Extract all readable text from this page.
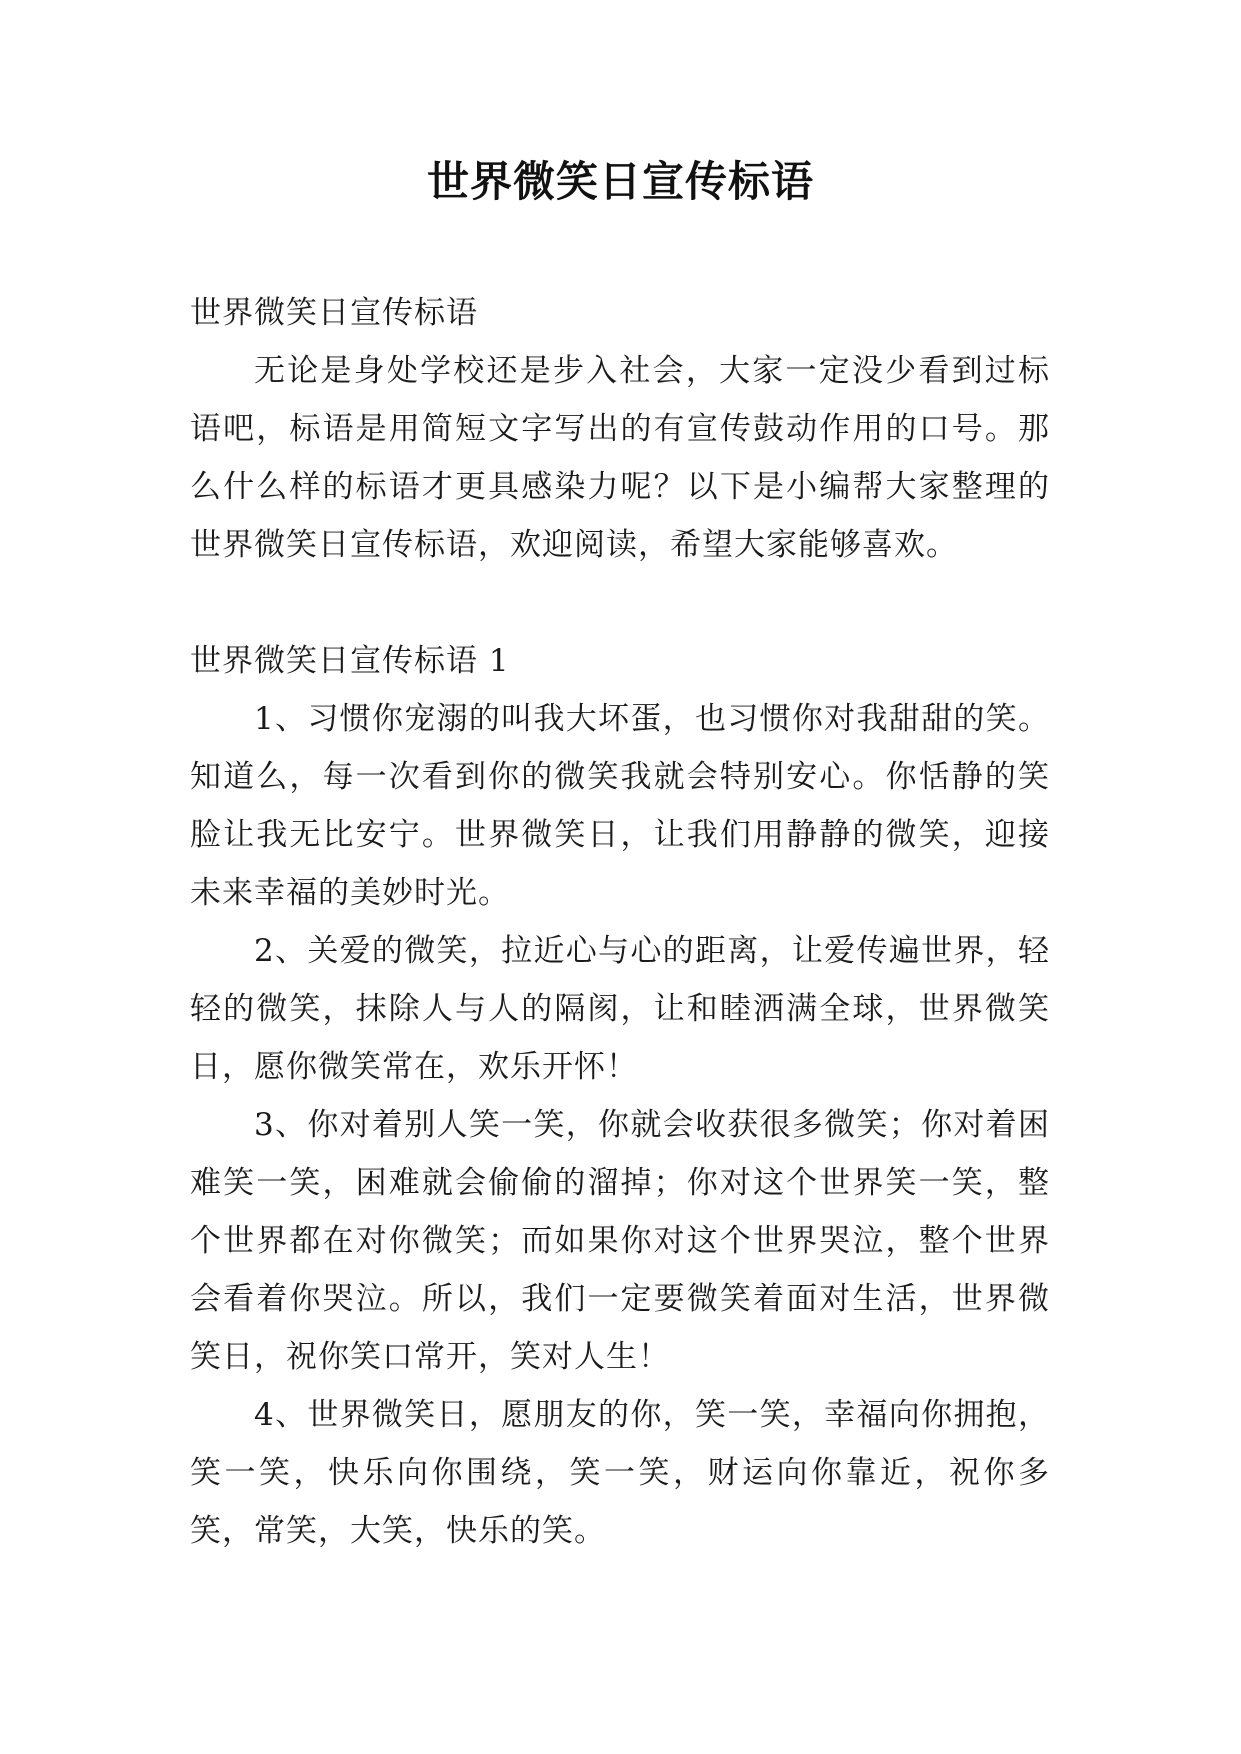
世界微笑日宣传标语

世界微笑日宣传标语

无论是身处学校还是步入社会，大家一定没少看到过标语吧，标语是用简短文字写出的有宣传鼓动作用的口号。那么什么样的标语才更具感染力呢？以下是小编帮大家整理的世界微笑日宣传标语，欢迎阅读，希望大家能够喜欢。

世界微笑日宣传标语 1

1、习惯你宠溺的叫我大坏蛋，也习惯你对我甜甜的笑。知道么，每一次看到你的微笑我就会特别安心。你恬静的笑脸让我无比安宁。世界微笑日，让我们用静静的微笑，迎接未来幸福的美妙时光。

2、关爱的微笑，拉近心与心的距离，让爱传遍世界，轻轻的微笑，抹除人与人的隔阂，让和睦洒满全球，世界微笑日，愿你微笑常在，欢乐开怀！

3、你对着别人笑一笑，你就会收获很多微笑；你对着困难笑一笑，困难就会偷偷的溜掉；你对这个世界笑一笑，整个世界都在对你微笑；而如果你对这个世界哭泣，整个世界会看着你哭泣。所以，我们一定要微笑着面对生活，世界微笑日，祝你笑口常开，笑对人生！

4、世界微笑日，愿朋友的你，笑一笑，幸福向你拥抱，笑一笑，快乐向你围绕，笑一笑，财运向你靠近，祝你多笑，常笑，大笑，快乐的笑。
